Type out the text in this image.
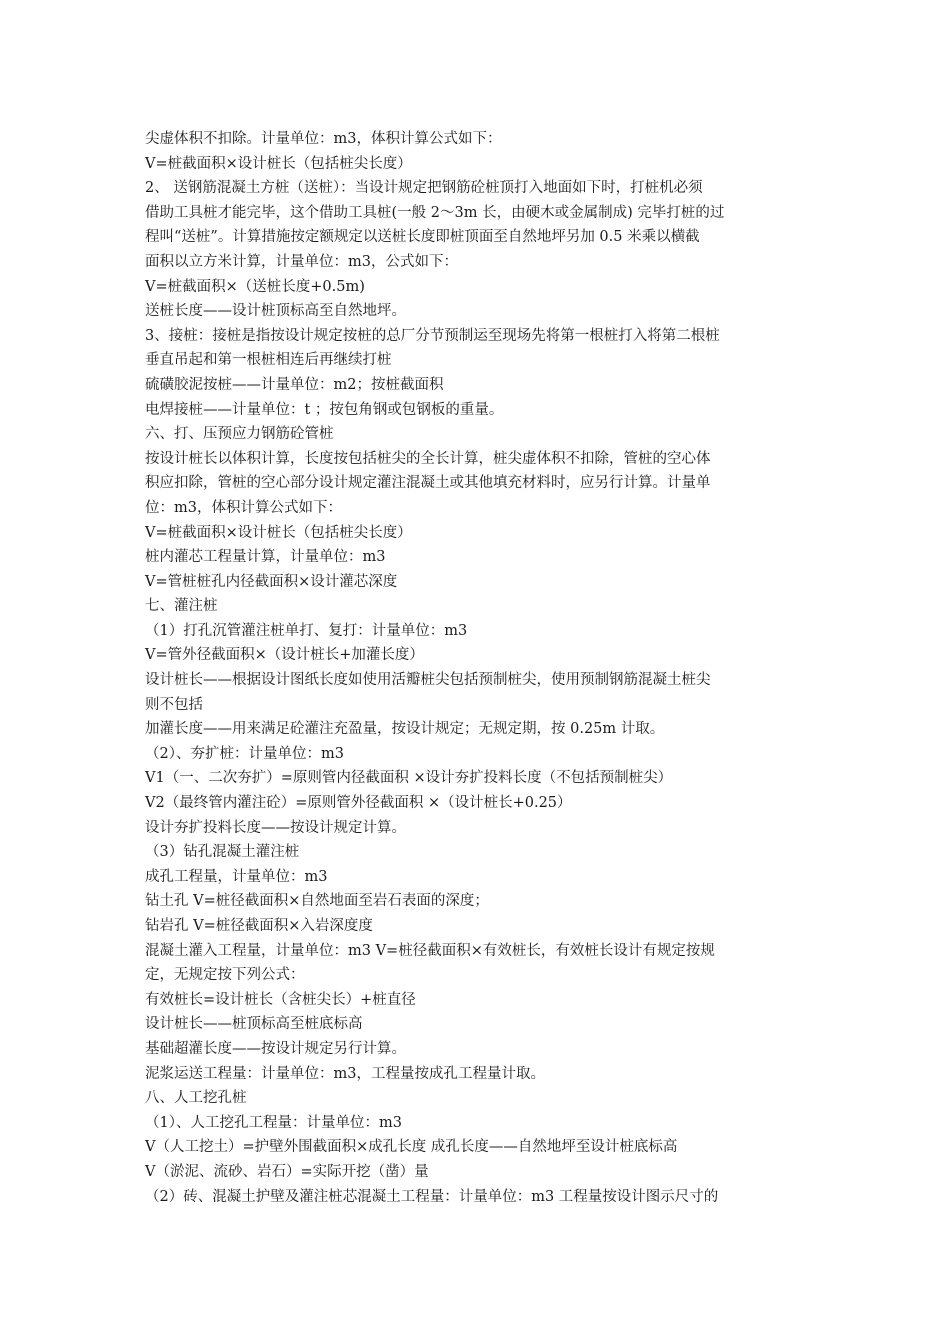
尖虚体积不扣除。计量单位：m3，体积计算公式如下：
V=桩截面积×设计桩长（包括桩尖长度）
2、 送钢筋混凝土方桩（送桩）：当设计规定把钢筋砼桩顶打入地面如下时，打桩机必须
借助工具桩才能完毕，这个借助工具桩(一般 2～3m 长，由硬木或金属制成) 完毕打桩的过
程叫“送桩”。计算措施按定额规定以送桩长度即桩顶面至自然地坪另加 0.5 米乘以横截
面积以立方米计算，计量单位：m3，公式如下：
V=桩截面积×（送桩长度+0.5m)
送桩长度——设计桩顶标高至自然地坪。
3、接桩：接桩是指按设计规定按桩的总厂分节预制运至现场先将第一根桩打入将第二根桩
垂直吊起和第一根桩相连后再继续打桩
硫磺胶泥按桩——计量单位：m2；按桩截面积
电焊接桩——计量单位：t ；按包角钢或包钢板的重量。
六、打、压预应力钢筋砼管桩
按设计桩长以体积计算，长度按包括桩尖的全长计算，桩尖虚体积不扣除，管桩的空心体
积应扣除，管桩的空心部分设计规定灌注混凝土或其他填充材料时，应另行计算。计量单
位：m3，体积计算公式如下：
V=桩截面积×设计桩长（包括桩尖长度）
桩内灌芯工程量计算，计量单位：m3
V=管桩桩孔内径截面积×设计灌芯深度
七、灌注桩
（1）打孔沉管灌注桩单打、复打：计量单位：m3
V=管外径截面积×（设计桩长+加灌长度）
设计桩长——根据设计图纸长度如使用活瓣桩尖包括预制桩尖，使用预制钢筋混凝土桩尖
则不包括
加灌长度——用来满足砼灌注充盈量，按设计规定；无规定期，按 0.25m 计取。
（2）、夯扩桩：计量单位：m3
V1（一、二次夯扩）=原则管内径截面积 ×设计夯扩投料长度（不包括预制桩尖）
V2（最终管内灌注砼）=原则管外径截面积 ×（设计桩长+0.25）
设计夯扩投料长度——按设计规定计算。
（3）钻孔混凝土灌注桩
成孔工程量，计量单位：m3
钻土孔 V=桩径截面积×自然地面至岩石表面的深度；
钻岩孔 V=桩径截面积×入岩深度度
混凝土灌入工程量，计量单位：m3 V=桩径截面积×有效桩长，有效桩长设计有规定按规
定，无规定按下列公式：
有效桩长=设计桩长（含桩尖长）+桩直径
设计桩长——桩顶标高至桩底标高
基础超灌长度——按设计规定另行计算。
泥浆运送工程量：计量单位：m3，工程量按成孔工程量计取。
八、人工挖孔桩
（1）、人工挖孔工程量：计量单位：m3
V（人工挖土）=护壁外围截面积×成孔长度 成孔长度——自然地坪至设计桩底标高
V（淤泥、流砂、岩石）=实际开挖（凿）量
（2）砖、混凝土护壁及灌注桩芯混凝土工程量：计量单位：m3 工程量按设计图示尺寸的
